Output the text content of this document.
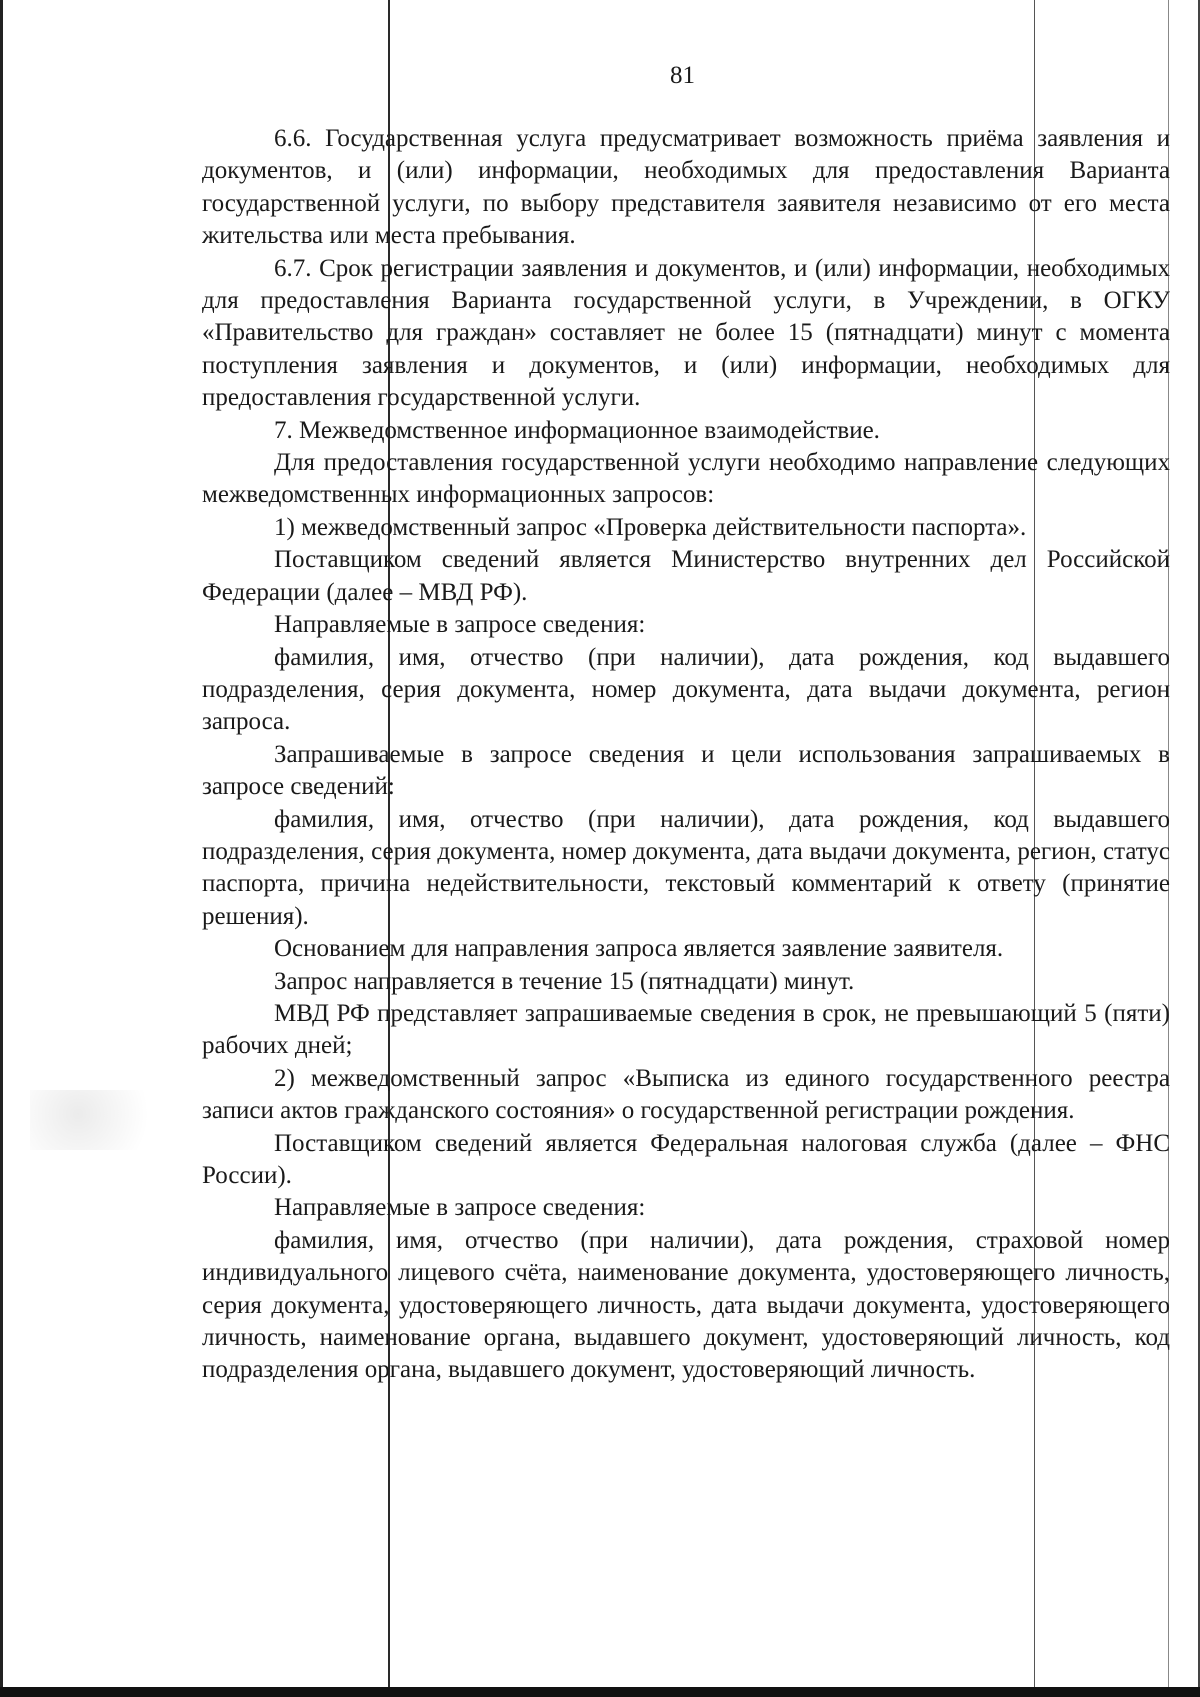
81

6.6. Государственная услуга предусматривает возможность приёма заявления и документов, и (или) информации, необходимых для предоставления Варианта государственной услуги, по выбору представителя заявителя независимо от его места жительства или места пребывания.

6.7. Срок регистрации заявления и документов, и (или) информации, необходимых для предоставления Варианта государственной услуги, в Учреждении, в ОГКУ «Правительство для граждан» составляет не более 15 (пятнадцати) минут с момента поступления заявления и документов, и (или) информации, необходимых для предоставления государственной услуги.

7. Межведомственное информационное взаимодействие.

Для предоставления государственной услуги необходимо направление следующих межведомственных информационных запросов:

1) межведомственный запрос «Проверка действительности паспорта».

Поставщиком сведений является Министерство внутренних дел Российской Федерации (далее – МВД РФ).

Направляемые в запросе сведения:

фамилия, имя, отчество (при наличии), дата рождения, код выдавшего подразделения, серия документа, номер документа, дата выдачи документа, регион запроса.

Запрашиваемые в запросе сведения и цели использования запрашиваемых в запросе сведений:

фамилия, имя, отчество (при наличии), дата рождения, код выдавшего подразделения, серия документа, номер документа, дата выдачи документа, регион, статус паспорта, причина недействительности, текстовый комментарий к ответу (принятие решения).

Основанием для направления запроса является заявление заявителя.

Запрос направляется в течение 15 (пятнадцати) минут.

МВД РФ представляет запрашиваемые сведения в срок, не превышающий 5 (пяти) рабочих дней;

2) межведомственный запрос «Выписка из единого государственного реестра записи актов гражданского состояния» о государственной регистрации рождения.

Поставщиком сведений является Федеральная налоговая служба (далее – ФНС России).

Направляемые в запросе сведения:

фамилия, имя, отчество (при наличии), дата рождения, страховой номер индивидуального лицевого счёта, наименование документа, удостоверяющего личность, серия документа, удостоверяющего личность, дата выдачи документа, удостоверяющего личность, наименование органа, выдавшего документ, удостоверяющий личность, код подразделения органа, выдавшего документ, удостоверяющий личность.
